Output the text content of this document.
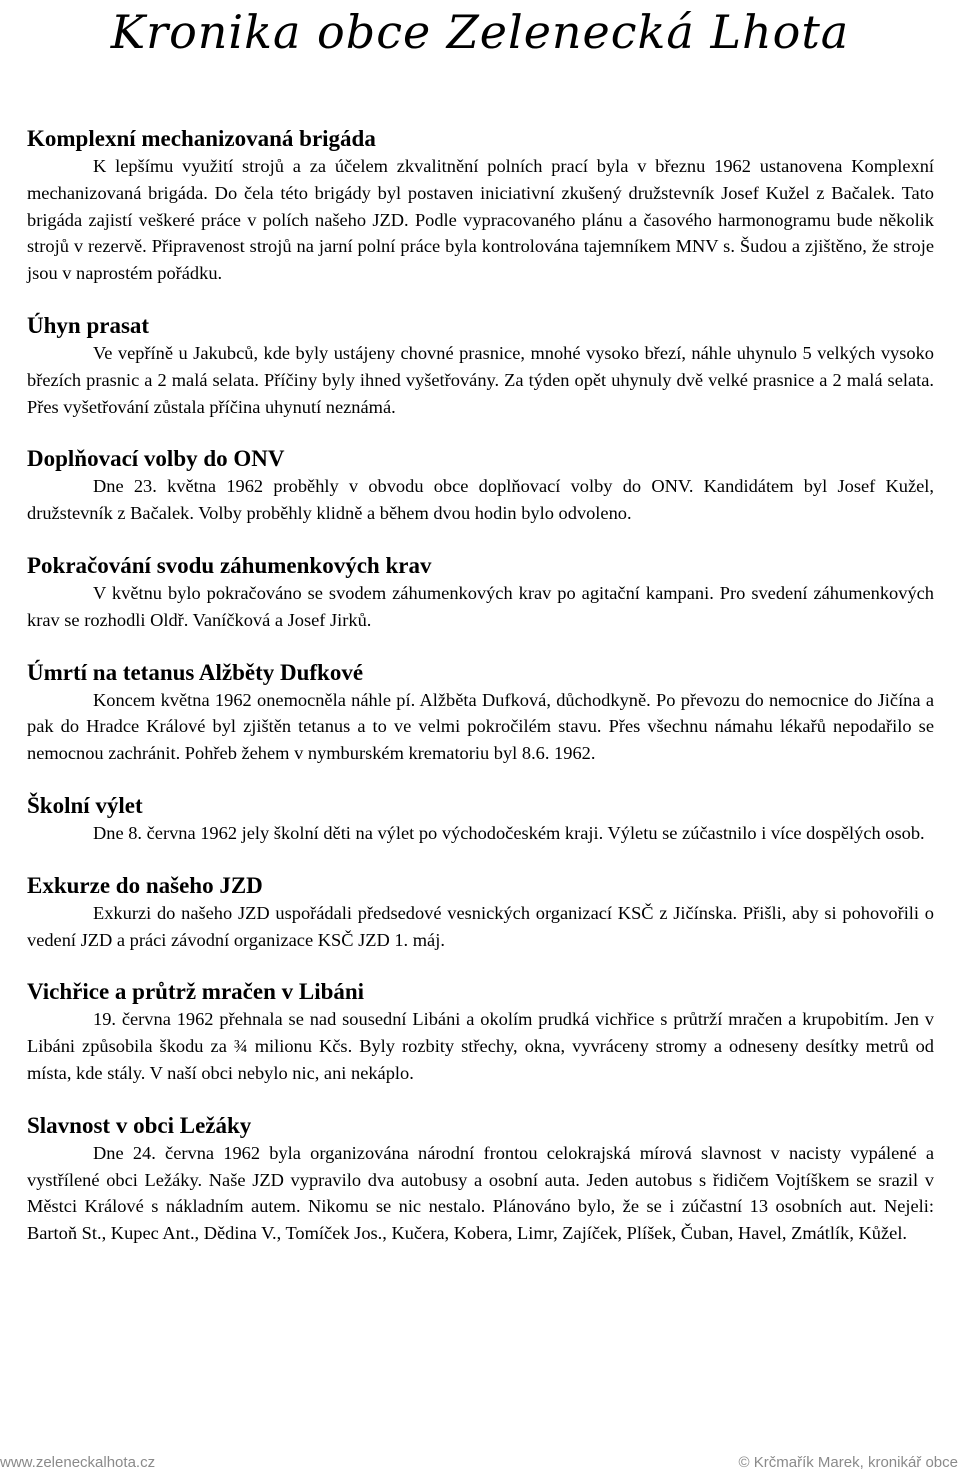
Kronika obce Zelenecká Lhota
Komplexní mechanizovaná brigáda

K lepšímu využití strojů a za účelem zkvalitnění polních prací byla v březnu 1962 ustanovena Komplexní mechanizovaná brigáda. Do čela této brigády byl postaven iniciativní zkušený družstevník Josef Kužel z Bačalek. Tato brigáda zajistí veškeré práce v polích našeho JZD. Podle vypracovaného plánu a časového harmonogramu bude několik strojů v rezervě. Připravenost strojů na jarní polní práce byla kontrolována tajemníkem MNV s. Šudou a zjištěno, že stroje jsou v naprostém pořádku.

Úhyn prasat

Ve vepříně u Jakubců, kde byly ustájeny chovné prasnice, mnohé vysoko březí, náhle uhynulo 5 velkých vysoko březích prasnic a 2 malá selata. Příčiny byly ihned vyšetřovány. Za týden opět uhynuly dvě velké prasnice a 2 malá selata. Přes vyšetřování zůstala příčina uhynutí neznámá.

Doplňovací volby do ONV

Dne 23. května 1962 proběhly v obvodu obce doplňovací volby do ONV. Kandidátem byl Josef Kužel, družstevník z Bačalek. Volby proběhly klidně a během dvou hodin bylo odvoleno.

Pokračování svodu záhumenkových krav

V květnu bylo pokračováno se svodem záhumenkových krav po agitační kampani. Pro svedení záhumenkových krav se rozhodli Oldř. Vaníčková a Josef Jirků.

Úmrtí na tetanus Alžběty Dufkové

Koncem května 1962 onemocněla náhle pí. Alžběta Dufková, důchodkyně. Po převozu do nemocnice do Jičína a pak do Hradce Králové byl zjištěn tetanus a to ve velmi pokročilém stavu. Přes všechnu námahu lékařů nepodařilo se nemocnou zachránit. Pohřeb žehem v nymburském krematoriu byl 8.6. 1962.

Školní výlet

Dne 8. června 1962 jely školní děti na výlet po východočeském kraji. Výletu se zúčastnilo i více dospělých osob.

Exkurze do našeho JZD

Exkurzi do našeho JZD uspořádali předsedové vesnických organizací KSČ z Jičínska. Přišli, aby si pohovořili o vedení JZD a práci závodní organizace KSČ JZD 1. máj.

Vichřice a průtrž mračen v Libáni

19. června 1962 přehnala se nad sousední Libáni a okolím prudká vichřice s průtrží mračen a krupobitím. Jen v Libáni způsobila škodu za ¾ milionu Kčs. Byly rozbity střechy, okna, vyvráceny stromy a odneseny desítky metrů od místa, kde stály. V naší obci nebylo nic, ani nekáplo.

Slavnost v obci Ležáky

Dne 24. června 1962 byla organizována národní frontou celokrajská mírová slavnost v nacisty vypálené a vystřílené obci Ležáky. Naše JZD vypravilo dva autobusy a osobní auta. Jeden autobus s řidičem Vojtíškem se srazil v Městci Králové s nákladním autem. Nikomu se nic nestalo. Plánováno bylo, že se i zúčastní 13 osobních aut. Nejeli: Bartoň St., Kupec Ant., Dědina V., Tomíček Jos., Kučera, Kobera, Limr, Zajíček, Plíšek, Čuban, Havel, Zmátlík, Kůžel.

www.zeleneckalhota.cz	© Krčmařík Marek, kronikář obce
